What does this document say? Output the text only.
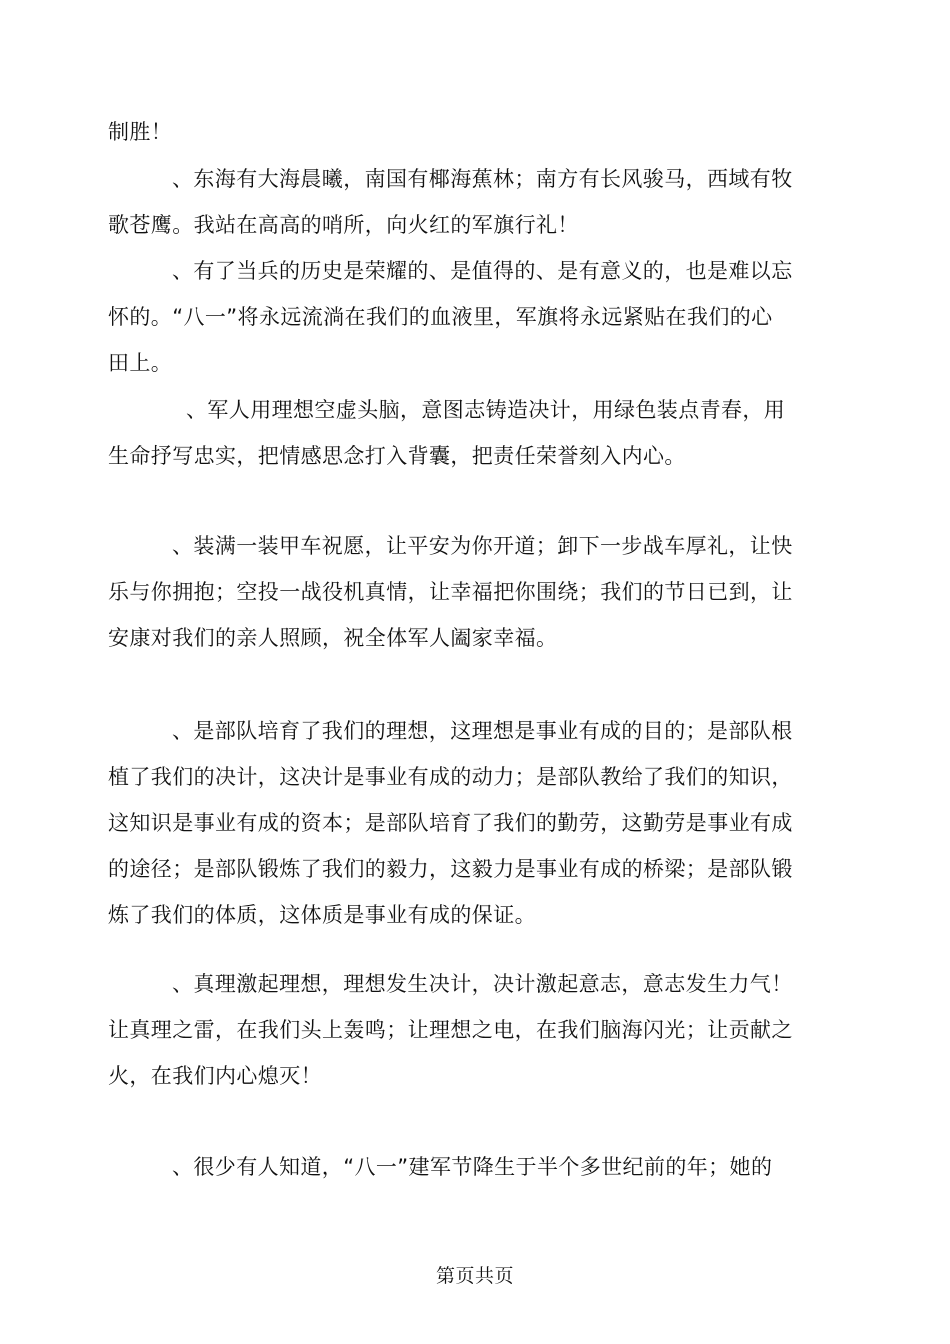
制胜！
、东海有大海晨曦，南国有椰海蕉林；南方有长风骏马，西域有牧
歌苍鹰。我站在高高的哨所，向火红的军旗行礼！
、有了当兵的历史是荣耀的、是值得的、是有意义的，也是难以忘
怀的。“八一”将永远流淌在我们的血液里，军旗将永远紧贴在我们的心
田上。
、军人用理想空虚头脑，意图志铸造决计，用绿色装点青春，用
生命抒写忠实，把情感思念打入背囊，把责任荣誉刻入内心。
、装满一装甲车祝愿，让平安为你开道；卸下一步战车厚礼，让快
乐与你拥抱；空投一战役机真情，让幸福把你围绕；我们的节日已到，让
安康对我们的亲人照顾，祝全体军人阖家幸福。
、是部队培育了我们的理想，这理想是事业有成的目的；是部队根
植了我们的决计，这决计是事业有成的动力；是部队教给了我们的知识，
这知识是事业有成的资本；是部队培育了我们的勤劳，这勤劳是事业有成
的途径；是部队锻炼了我们的毅力，这毅力是事业有成的桥梁；是部队锻
炼了我们的体质，这体质是事业有成的保证。
、真理激起理想，理想发生决计，决计激起意志，意志发生力气！
让真理之雷，在我们头上轰鸣；让理想之电，在我们脑海闪光；让贡献之
火，在我们内心熄灭！
、很少有人知道，“八一”建军节降生于半个多世纪前的年；她的
第页共页
